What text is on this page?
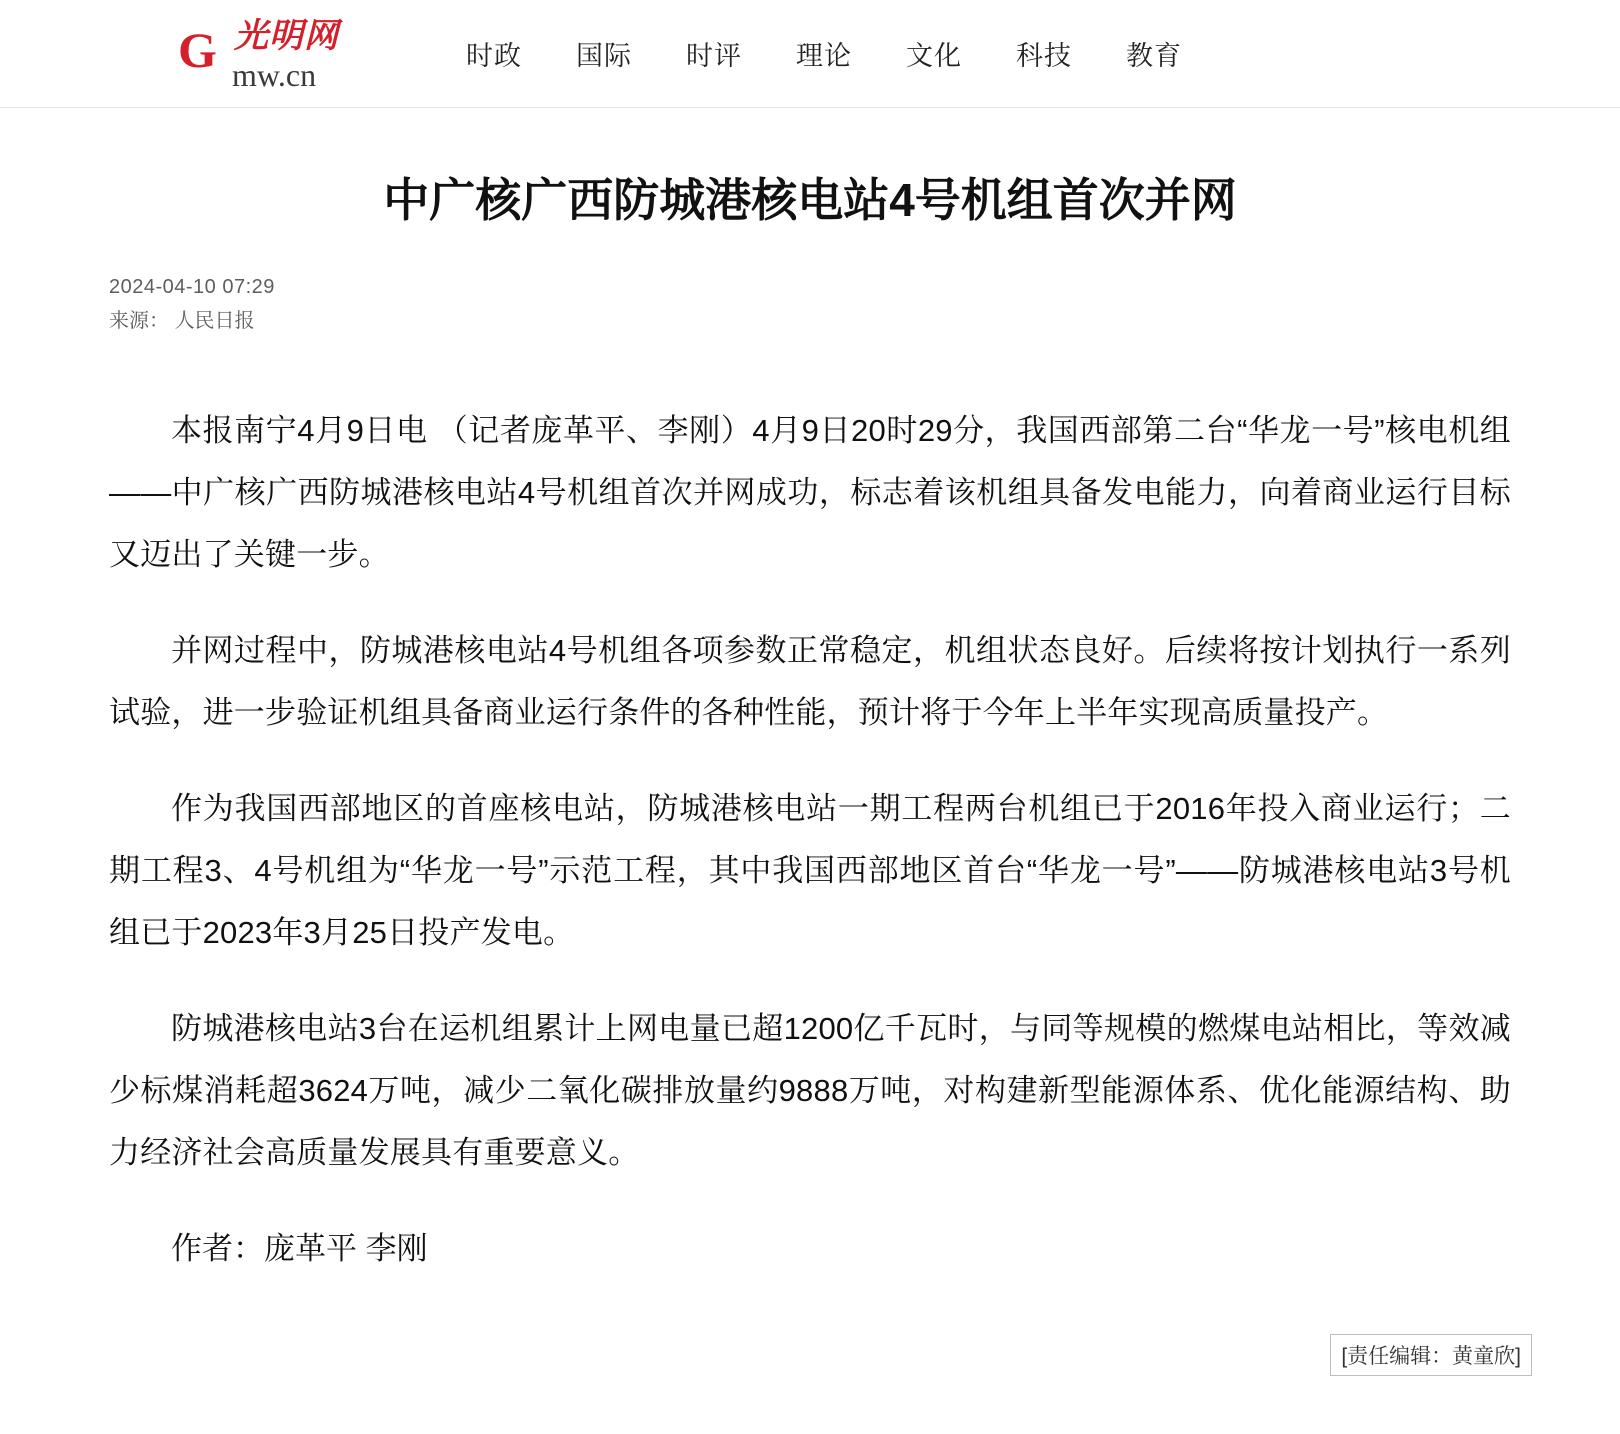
G 光明网
mw.cn
时政 国际 时评 理论 文化 科技 教育
中广核广西防城港核电站4号机组首次并网
2024-04-10 07:29
来源： 人民日报

本报南宁4月9日电 （记者庞革平、李刚）4月9日20时29分，我国西部第二台“华龙一号”核电机组——中广核广西防城港核电站4号机组首次并网成功，标志着该机组具备发电能力，向着商业运行目标又迈出了关键一步。

并网过程中，防城港核电站4号机组各项参数正常稳定，机组状态良好。后续将按计划执行一系列试验，进一步验证机组具备商业运行条件的各种性能，预计将于今年上半年实现高质量投产。

作为我国西部地区的首座核电站，防城港核电站一期工程两台机组已于2016年投入商业运行；二期工程3、4号机组为“华龙一号”示范工程，其中我国西部地区首台“华龙一号”——防城港核电站3号机组已于2023年3月25日投产发电。

防城港核电站3台在运机组累计上网电量已超1200亿千瓦时，与同等规模的燃煤电站相比，等效减少标煤消耗超3624万吨，减少二氧化碳排放量约9888万吨，对构建新型能源体系、优化能源结构、助力经济社会高质量发展具有重要意义。

作者：庞革平 李刚

[责任编辑：黄童欣]
